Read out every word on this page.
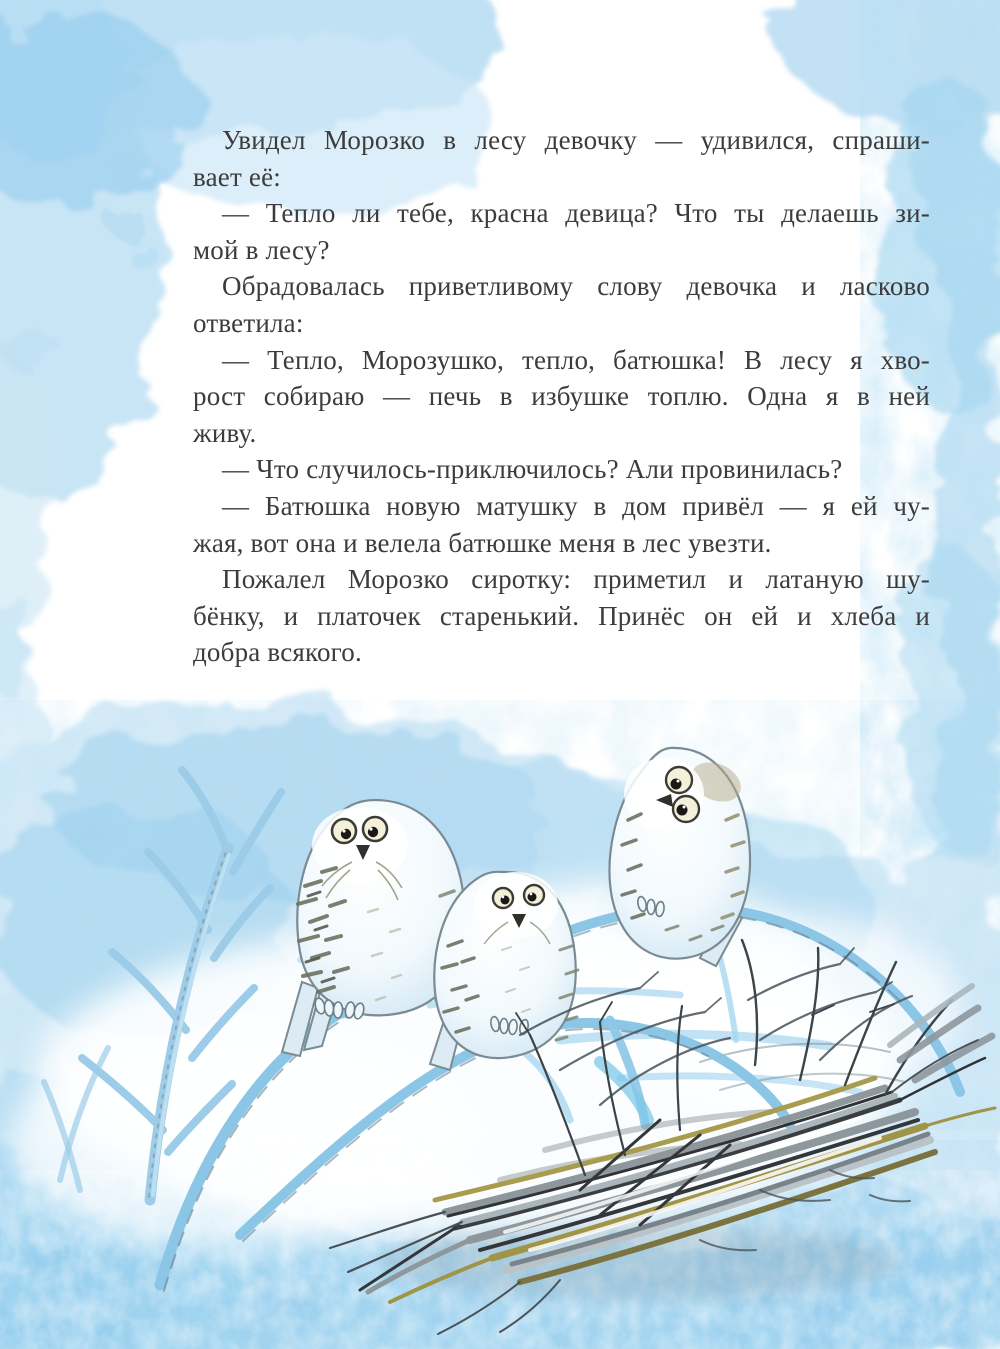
Увидел Морозко в лесу девочку — удивился, спраши-
вает её:
— Тепло ли тебе, красна девица? Что ты делаешь зи-
мой в лесу?
Обрадовалась приветливому слову девочка и ласково
ответила:
— Тепло, Морозушко, тепло, батюшка! В лесу я хво-
рост собираю — печь в избушке топлю. Одна я в ней
живу.
— Что случилось-приключилось? Али провинилась?
— Батюшка новую матушку в дом привёл — я ей чу-
жая, вот она и велела батюшке меня в лес увезти.
Пожалел Морозко сиротку: приметил и латаную шу-
бёнку, и платочек старенький. Принёс он ей и хлеба и
добра всякого.
